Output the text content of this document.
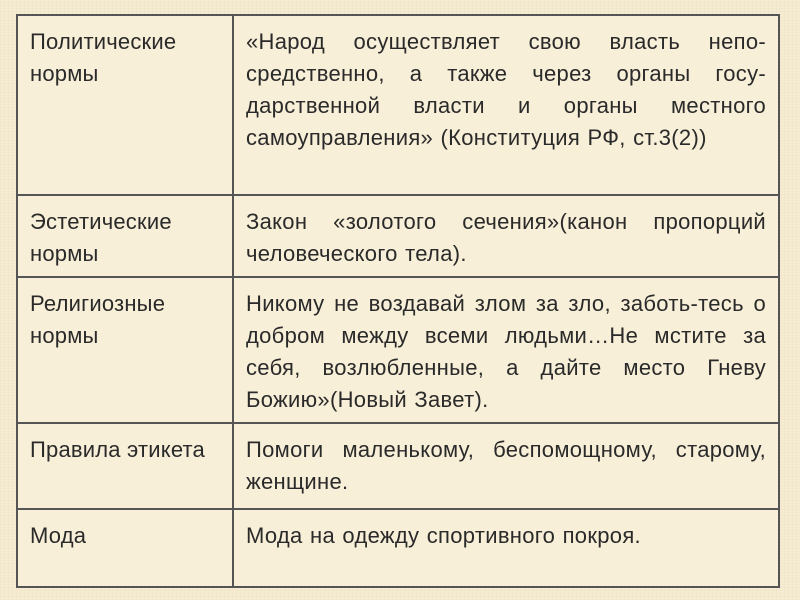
Политические нормы	«Народ осуществляет свою власть непо-средственно, а также через органы госу-дарственной власти и органы местного самоуправления» (Конституция РФ, ст.3(2))
Эстетические нормы	Закон «золотого сечения»(канон пропорций человеческого тела).
Религиозные нормы	Никому не воздавай злом за зло, заботь-тесь о добром между всеми людьми…Не мстите за себя, возлюбленные, а дайте место Гневу Божию»(Новый Завет).
Правила этикета	Помоги маленькому, беспомощному, старому, женщине.
Мода	Мода на одежду спортивного покроя.
